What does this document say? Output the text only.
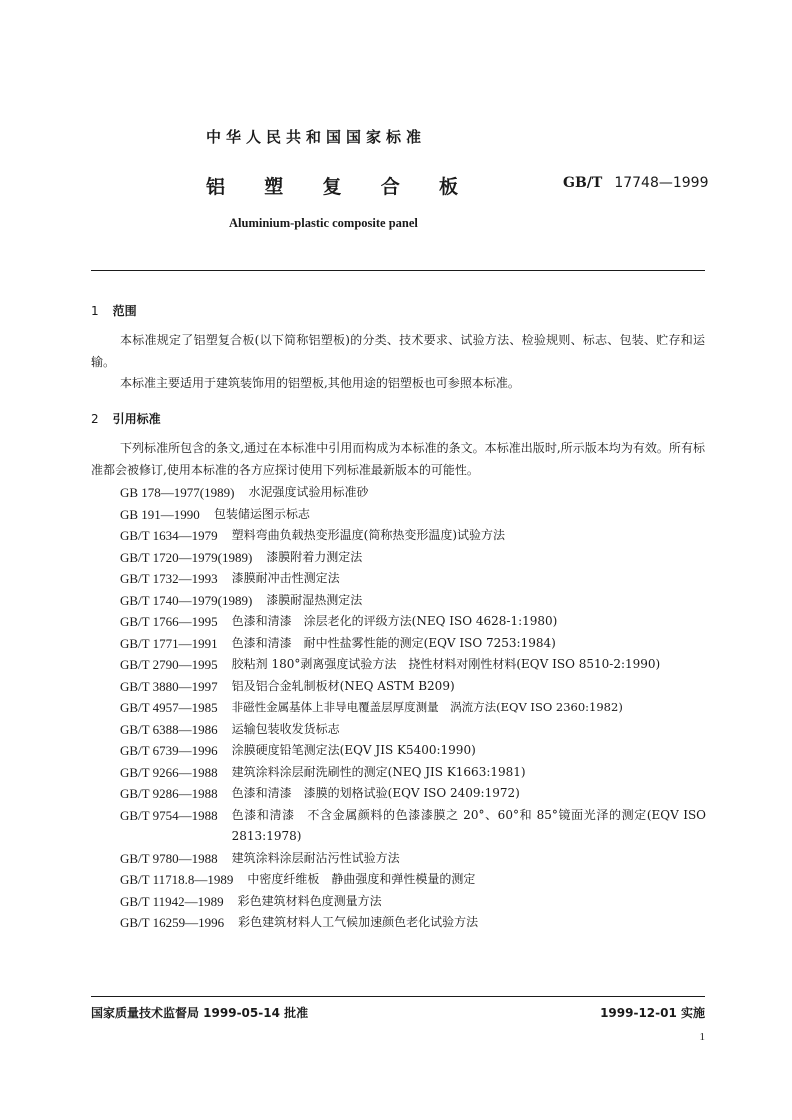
中华人民共和国国家标准
铝 塑 复 合 板	GB/T 17748—1999
Aluminium-plastic composite panel
1 范围

本标准规定了铝塑复合板(以下简称铝塑板)的分类、技术要求、试验方法、检验规则、标志、包装、贮存和运输。

本标准主要适用于建筑装饰用的铝塑板,其他用途的铝塑板也可参照本标准。

2 引用标准

下列标准所包含的条文,通过在本标准中引用而构成为本标准的条文。本标准出版时,所示版本均为有效。所有标准都会被修订,使用本标准的各方应探讨使用下列标准最新版本的可能性。

GB 178—1977(1989) 水泥强度试验用标准砂
GB 191—1990 包装储运图示标志
GB/T 1634—1979 塑料弯曲负载热变形温度(简称热变形温度)试验方法
GB/T 1720—1979(1989) 漆膜附着力测定法
GB/T 1732—1993 漆膜耐冲击性测定法
GB/T 1740—1979(1989) 漆膜耐湿热测定法
GB/T 1766—1995 色漆和清漆　涂层老化的评级方法(NEQ ISO 4628-1:1980)
GB/T 1771—1991 色漆和清漆　耐中性盐雾性能的测定(EQV ISO 7253:1984)
GB/T 2790—1995 胶粘剂 180°剥离强度试验方法　挠性材料对刚性材料(EQV ISO 8510-2:1990)
GB/T 3880—1997 铝及铝合金轧制板材(NEQ ASTM B209)
GB/T 4957—1985 非磁性金属基体上非导电覆盖层厚度测量　涡流方法(EQV ISO 2360:1982)
GB/T 6388—1986 运输包装收发货标志
GB/T 6739—1996 涂膜硬度铅笔测定法(EQV JIS K5400:1990)
GB/T 9266—1988 建筑涂料涂层耐洗刷性的测定(NEQ JIS K1663:1981)
GB/T 9286—1988 色漆和清漆　漆膜的划格试验(EQV ISO 2409:1972)
GB/T 9754—1988 色漆和清漆　不含金属颜料的色漆漆膜之 20°、60°和 85°镜面光泽的测定(EQV ISO 2813:1978)
GB/T 9780—1988 建筑涂料涂层耐沾污性试验方法
GB/T 11718.8—1989 中密度纤维板　静曲强度和弹性模量的测定
GB/T 11942—1989 彩色建筑材料色度测量方法
GB/T 16259—1996 彩色建筑材料人工气候加速颜色老化试验方法
国家质量技术监督局 1999-05-14 批准	1999-12-01 实施
1
